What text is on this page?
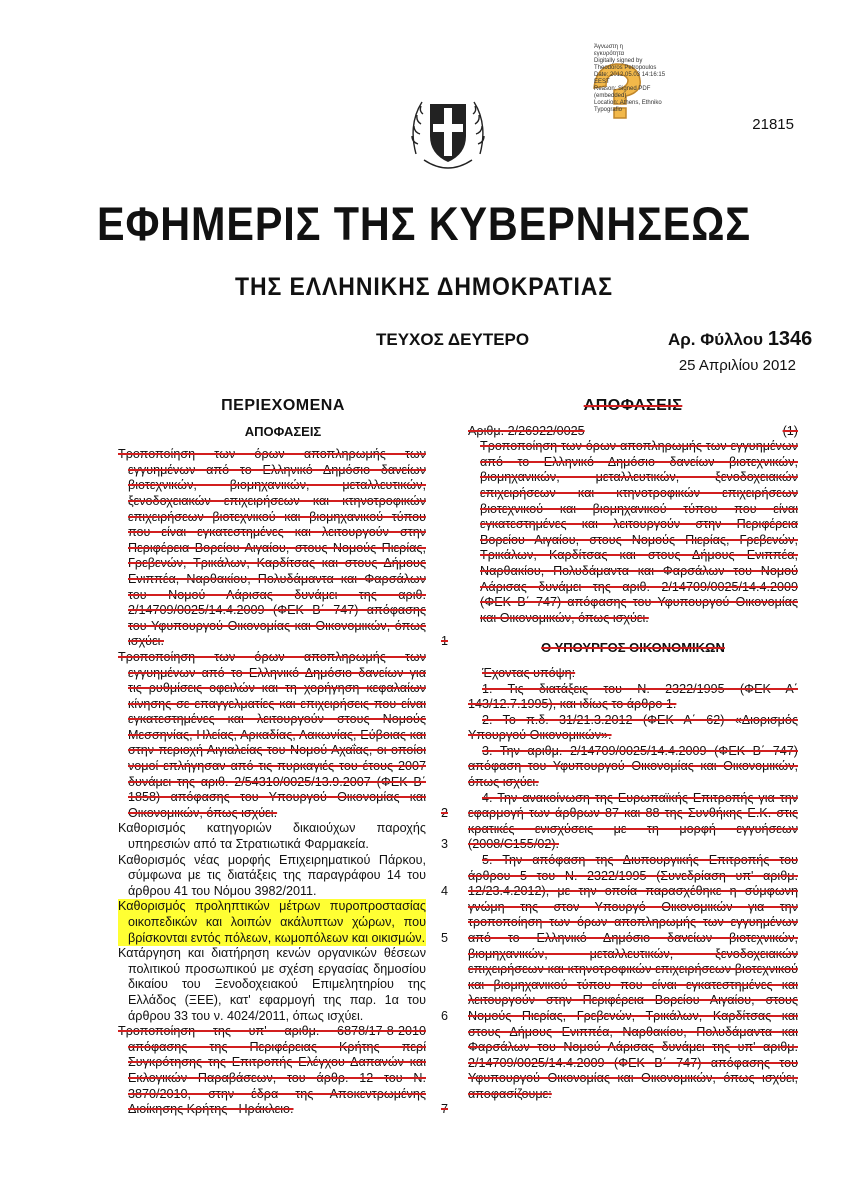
Άγνωστη η
εγκυρότητα
Digitally signed by
Theodoros Petropoulos
Date: 2012.05.03 14:16:15
EEST
Reason: Signed PDF
(embedded)
Location: Athens, Ethniko
Typografio
21815
ΕΦΗΜΕΡΙΣ ΤΗΣ ΚΥΒΕΡΝΗΣΕΩΣ
ΤΗΣ ΕΛΛΗΝΙΚΗΣ ΔΗΜΟΚΡΑΤΙΑΣ
ΤΕΥΧΟΣ ΔΕΥΤΕΡΟ	Αρ. Φύλλου 1346
25 Απριλίου 2012
ΠΕΡΙΕΧΟΜΕΝΑ
ΑΠΟΦΑΣΕΙΣ
Τροποποίηση των όρων αποπληρωμής των εγγυημένων από το Ελληνικό Δημόσιο δανείων βιοτεχνικών, βιομηχανικών, μεταλλευτικών, ξενοδοχειακών επιχειρήσεων και κτηνοτροφικών επιχειρήσεων βιοτεχνικού και βιομηχανικού τύπου που είναι εγκατεστημένες και λειτουργούν στην Περιφέρεια Βορείου Αιγαίου, στους Νομούς Πιερίας, Γρεβενών, Τρικάλων, Καρδίτσας και στους Δήμους Ενιππέα, Ναρθακίου, Πολυδάμαντα και Φαρσάλων του Νομού Λάρισας δυνάμει της αριθ. 2/14709/0025/14.4.2009 (ΦΕΚ Β΄ 747) απόφασης του Υφυπουργού Οικονομίας και Οικονομικών, όπως ισχύει.	1
Τροποποίηση των όρων αποπληρωμής των εγγυημένων από το Ελληνικό Δημόσιο δανείων για τις ρυθμίσεις οφειλών και τη χορήγηση κεφαλαίων κίνησης σε επαγγελματίες και επιχειρήσεις που είναι εγκατεστημένες και λειτουργούν στους Νομούς Μεσσηνίας, Ηλείας, Αρκαδίας, Λακωνίας, Εύβοιας και στην περιοχή Αιγιαλείας του Νομού Αχαΐας, οι οποίοι νομοί επλήγησαν από τις πυρκαγιές του έτους 2007 δυνάμει της αριθ. 2/54310/0025/13.9.2007 (ΦΕΚ Β΄ 1858) απόφασης του Υπουργού Οικονομίας και Οικονομικών, όπως ισχύει.	2
Καθορισμός κατηγοριών δικαιούχων παροχής υπηρεσιών από τα Στρατιωτικά Φαρμακεία.	3
Καθορισμός νέας μορφής Επιχειρηματικού Πάρκου, σύμφωνα με τις διατάξεις της παραγράφου 14 του άρθρου 41 του Νόμου 3982/2011.	4
Καθορισμός προληπτικών μέτρων πυροπροστασίας οικοπεδικών και λοιπών ακάλυπτων χώρων, που βρίσκονται εντός πόλεων, κωμοπόλεων και οικισμών. 5
Κατάργηση και διατήρηση κενών οργανικών θέσεων πολιτικού προσωπικού με σχέση εργασίας δημοσίου δικαίου του Ξενοδοχειακού Επιμελητηρίου της Ελλάδος (ΞΕΕ), κατ' εφαρμογή της παρ. 1α του άρθρου 33 του ν. 4024/2011, όπως ισχύει.	6
Τροποποίηση της υπ' αριθμ. 6878/17-8-2010 απόφασης της Περιφέρειας Κρήτης περί Συγκρότησης της Επιτροπής Ελέγχου Δαπανών και Εκλογικών Παραβάσεων, του άρθρ. 12 του Ν. 3870/2010, στην έδρα της Αποκεντρωμένης Διοίκησης Κρήτης - Ηράκλειο.	7
ΑΠΟΦΑΣΕΙΣ
Αριθμ. 2/26922/0025	(1)
Τροποποίηση των όρων αποπληρωμής των εγγυημένων από το Ελληνικό Δημόσιο δανείων βιοτεχνικών, βιομηχανικών, μεταλλευτικών, ξενοδοχειακών επιχειρήσεων και κτηνοτροφικών επιχειρήσεων βιοτεχνικού και βιομηχανικού τύπου που είναι εγκατεστημένες και λειτουργούν στην Περιφέρεια Βορείου Αιγαίου, στους Νομούς Πιερίας, Γρεβενών, Τρικάλων, Καρδίτσας και στους Δήμους Ενιππέα, Ναρθακίου, Πολυδάμαντα και Φαρσάλων του Νομού Λάρισας δυνάμει της αριθ. 2/14709/0025/14.4.2009 (ΦΕΚ Β΄ 747) απόφασης του Υφυπουργού Οικονομίας και Οικονομικών, όπως ισχύει.
Ο ΥΠΟΥΡΓΟΣ ΟΙΚΟΝΟΜΙΚΩΝ
Έχοντας υπόψη:
1. Τις διατάξεις του Ν. 2322/1995 (ΦΕΚ Α΄ 143/12.7.1995), και ιδίως το άρθρο 1.
2. Το π.δ. 31/21.3.2012 (ΦΕΚ Α΄ 62) «Διορισμός Υπουργού Οικονομικών».
3. Την αριθμ. 2/14709/0025/14.4.2009 (ΦΕΚ Β΄ 747) απόφαση του Υφυπουργού Οικονομίας και Οικονομικών, όπως ισχύει.
4. Την ανακοίνωση της Ευρωπαϊκής Επιτροπής για την εφαρμογή των άρθρων 87 και 88 της Συνθήκης Ε.Κ. στις κρατικές ενισχύσεις με τη μορφή εγγυήσεων (2008/C155/02).
5. Την απόφαση της Διυπουργικής Επιτροπής του άρθρου 5 του Ν. 2322/1995 (Συνεδρίαση υπ' αριθμ. 12/23.4.2012), με την οποία παρασχέθηκε η σύμφωνη γνώμη της στον Υπουργό Οικονομικών για την τροποποίηση των όρων αποπληρωμής των εγγυημένων από το Ελληνικό Δημόσιο δανείων βιοτεχνικών, βιομηχανικών, μεταλλευτικών, ξενοδοχειακών επιχειρήσεων και κτηνοτροφικών επιχειρήσεων βιοτεχνικού και βιομηχανικού τύπου που είναι εγκατεστημένες και λειτουργούν στην Περιφέρεια Βορείου Αιγαίου, στους Νομούς Πιερίας, Γρεβενών, Τρικάλων, Καρδίτσας και στους Δήμους Ενιππέα, Ναρθακίου, Πολυδάμαντα και Φαρσάλων του Νομού Λάρισας δυνάμει της υπ' αριθμ. 2/14709/0025/14.4.2009 (ΦΕΚ Β΄ 747) απόφασης του Υφυπουργού Οικονομίας και Οικονομικών, όπως ισχύει, αποφασίζουμε:
